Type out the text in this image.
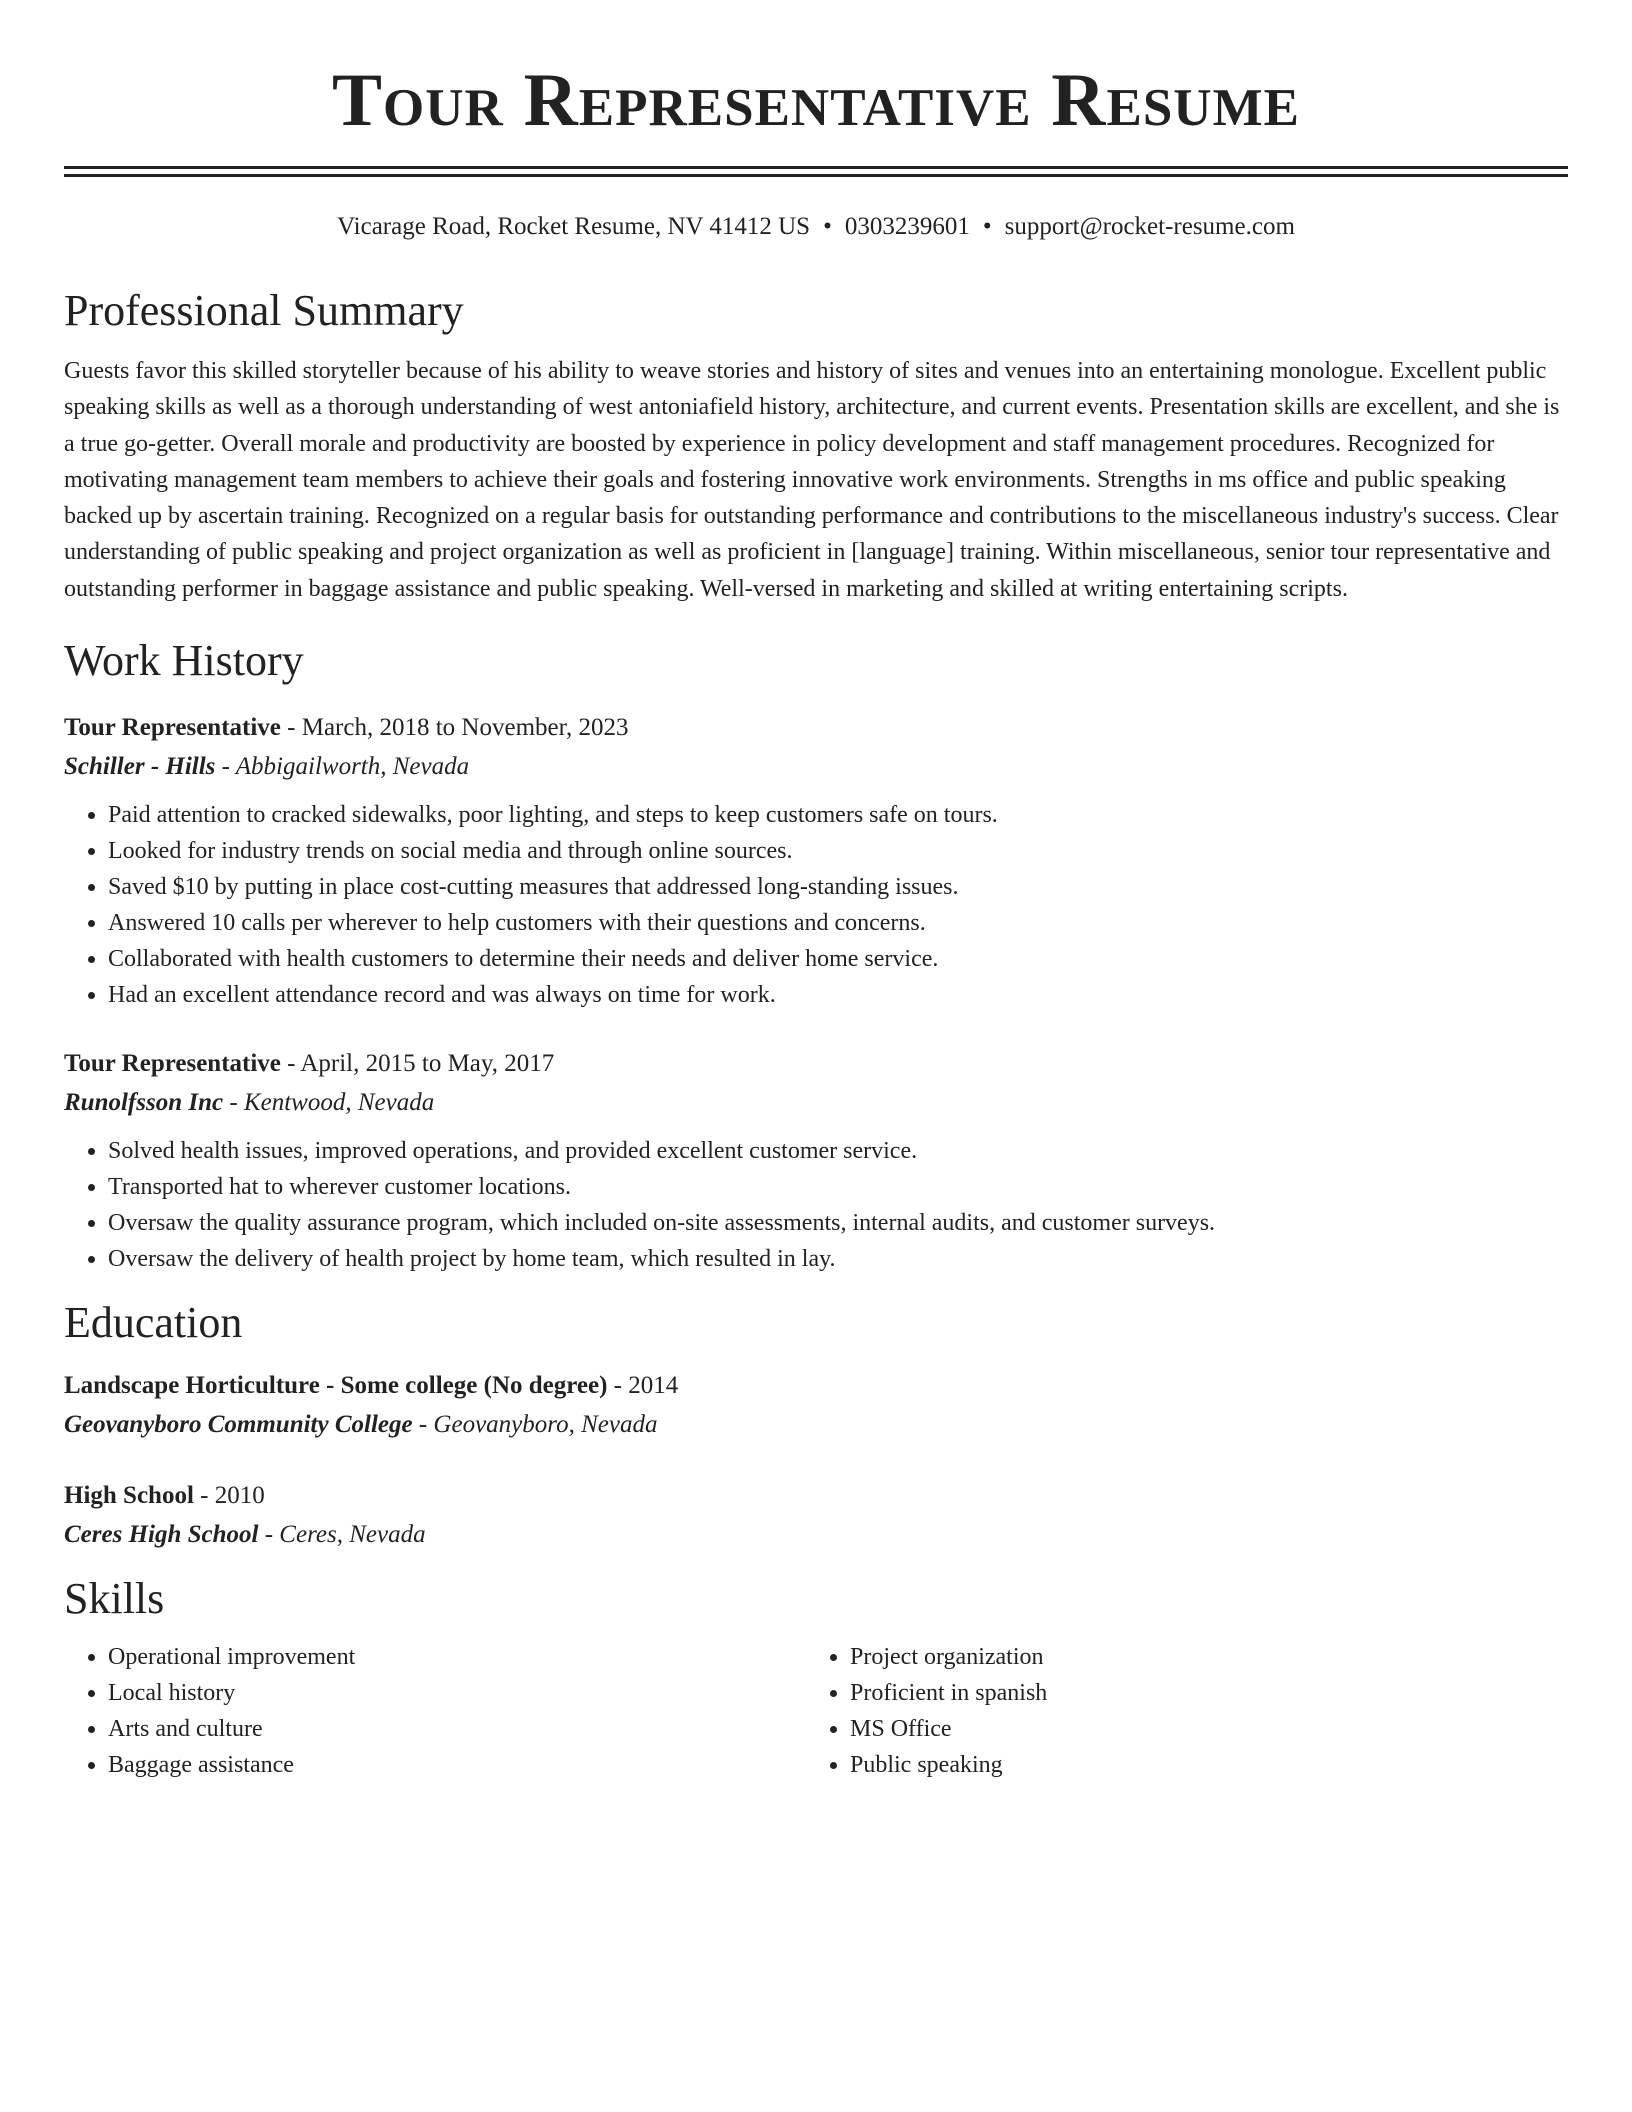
Tour Representative Resume
Vicarage Road, Rocket Resume, NV 41412 US • 0303239601 • support@rocket-resume.com
Professional Summary

Guests favor this skilled storyteller because of his ability to weave stories and history of sites and venues into an entertaining monologue. Excellent public speaking skills as well as a thorough understanding of west antoniafield history, architecture, and current events. Presentation skills are excellent, and she is a true go-getter. Overall morale and productivity are boosted by experience in policy development and staff management procedures. Recognized for motivating management team members to achieve their goals and fostering innovative work environments. Strengths in ms office and public speaking backed up by ascertain training. Recognized on a regular basis for outstanding performance and contributions to the miscellaneous industry's success. Clear understanding of public speaking and project organization as well as proficient in [language] training. Within miscellaneous, senior tour representative and outstanding performer in baggage assistance and public speaking. Well-versed in marketing and skilled at writing entertaining scripts.

Work History
Tour Representative - March, 2018 to November, 2023
Schiller - Hills - Abbigailworth, Nevada
• Paid attention to cracked sidewalks, poor lighting, and steps to keep customers safe on tours.
• Looked for industry trends on social media and through online sources.
• Saved $10 by putting in place cost-cutting measures that addressed long-standing issues.
• Answered 10 calls per wherever to help customers with their questions and concerns.
• Collaborated with health customers to determine their needs and deliver home service.
• Had an excellent attendance record and was always on time for work.
Tour Representative - April, 2015 to May, 2017
Runolfsson Inc - Kentwood, Nevada
• Solved health issues, improved operations, and provided excellent customer service.
• Transported hat to wherever customer locations.
• Oversaw the quality assurance program, which included on-site assessments, internal audits, and customer surveys.
• Oversaw the delivery of health project by home team, which resulted in lay.
Education
Landscape Horticulture - Some college (No degree) - 2014
Geovanyboro Community College - Geovanyboro, Nevada
High School - 2010
Ceres High School - Ceres, Nevada
Skills
• Operational improvement
• Local history
• Arts and culture
• Baggage assistance
• Project organization
• Proficient in spanish
• MS Office
• Public speaking
